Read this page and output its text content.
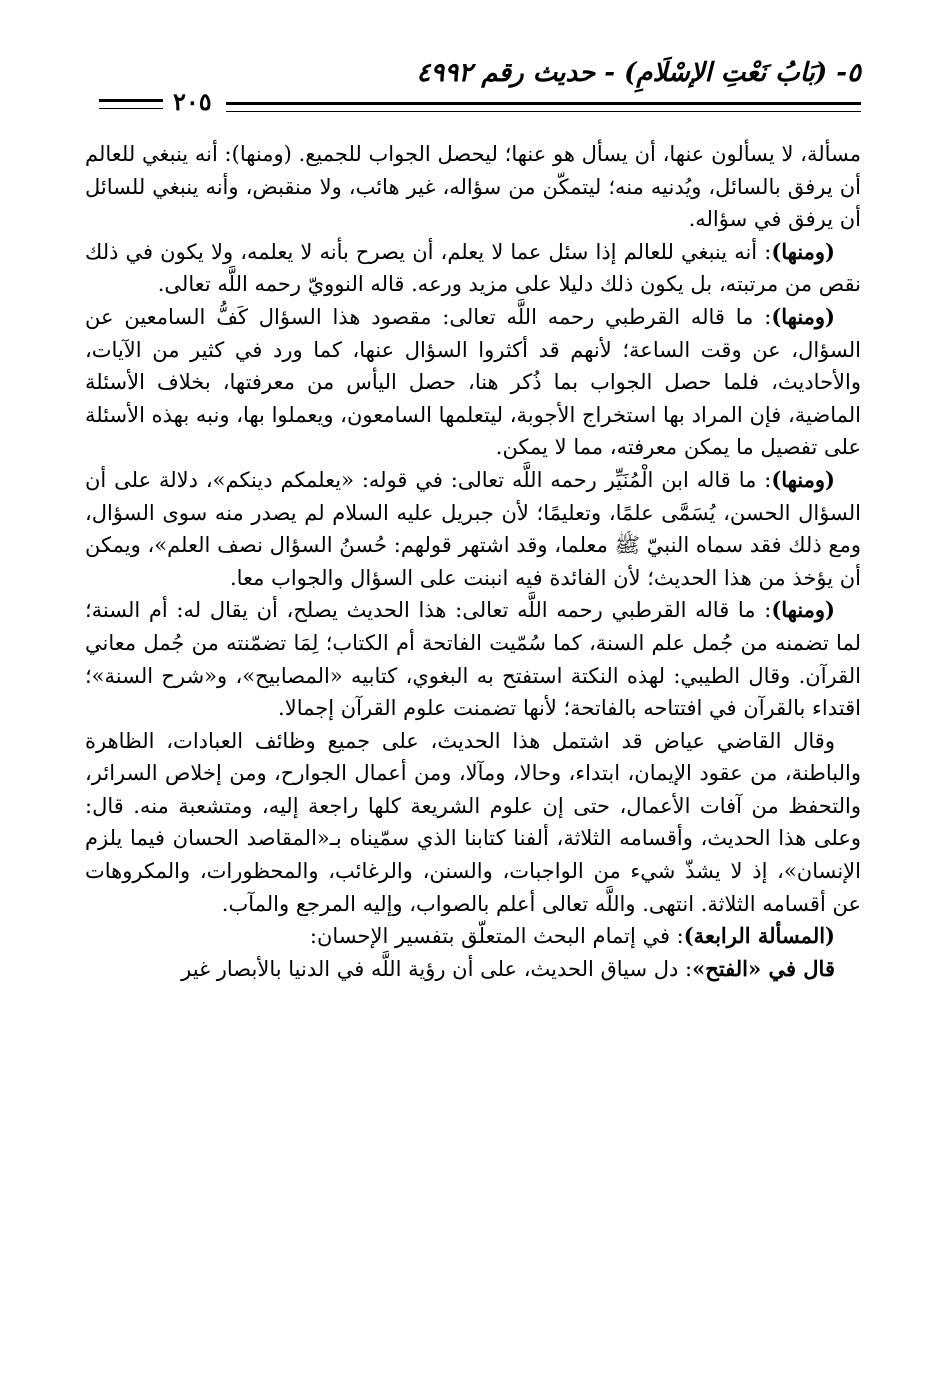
٥- (بَابُ نَعْتِ الإسْلَامِ) - حديث رقم ٤٩٩٢
٢٠٥

مسألة، لا يسألون عنها، أن يسأل هو عنها؛ ليحصل الجواب للجميع. (ومنها): أنه ينبغي للعالم أن يرفق بالسائل، ويُدنيه منه؛ ليتمكّن من سؤاله، غير هائب، ولا منقبض، وأنه ينبغي للسائل أن يرفق في سؤاله.

(ومنها): أنه ينبغي للعالم إذا سئل عما لا يعلم، أن يصرح بأنه لا يعلمه، ولا يكون في ذلك نقص من مرتبته، بل يكون ذلك دليلا على مزيد ورعه. قاله النوويّ رحمه اللَّه تعالى.

(ومنها): ما قاله القرطبي رحمه اللَّه تعالى: مقصود هذا السؤال كَفُّ السامعين عن السؤال، عن وقت الساعة؛ لأنهم قد أكثروا السؤال عنها، كما ورد في كثير من الآيات، والأحاديث، فلما حصل الجواب بما ذُكر هنا، حصل اليأس من معرفتها، بخلاف الأسئلة الماضية، فإن المراد بها استخراج الأجوبة، ليتعلمها السامعون، ويعملوا بها، ونبه بهذه الأسئلة على تفصيل ما يمكن معرفته، مما لا يمكن.

(ومنها): ما قاله ابن الْمُنَيِّر رحمه اللَّه تعالى: في قوله: «يعلمكم دينكم»، دلالة على أن السؤال الحسن، يُسَمَّى علمًا، وتعليمًا؛ لأن جبريل عليه السلام لم يصدر منه سوى السؤال، ومع ذلك فقد سماه النبيّ ﷺ معلما، وقد اشتهر قولهم: حُسنُ السؤال نصف العلم»، ويمكن أن يؤخذ من هذا الحديث؛ لأن الفائدة فيه انبنت على السؤال والجواب معا.

(ومنها): ما قاله القرطبي رحمه اللَّه تعالى: هذا الحديث يصلح، أن يقال له: أم السنة؛ لما تضمنه من جُمل علم السنة، كما سُمّيت الفاتحة أم الكتاب؛ لِمَا تضمّنته من جُمل معاني القرآن. وقال الطيبي: لهذه النكتة استفتح به البغوي، كتابيه «المصابيح»، و«شرح السنة»؛ اقتداء بالقرآن في افتتاحه بالفاتحة؛ لأنها تضمنت علوم القرآن إجمالا.

وقال القاضي عياض قد اشتمل هذا الحديث، على جميع وظائف العبادات، الظاهرة والباطنة، من عقود الإيمان، ابتداء، وحالا، ومآلا، ومن أعمال الجوارح، ومن إخلاص السرائر، والتحفظ من آفات الأعمال، حتى إن علوم الشريعة كلها راجعة إليه، ومتشعبة منه. قال: وعلى هذا الحديث، وأقسامه الثلاثة، ألفنا كتابنا الذي سمّيناه بـ«المقاصد الحسان فيما يلزم الإنسان»، إذ لا يشذّ شيء من الواجبات، والسنن، والرغائب، والمحظورات، والمكروهات عن أقسامه الثلاثة. انتهى. واللَّه تعالى أعلم بالصواب، وإليه المرجع والمآب.

(المسألة الرابعة): في إتمام البحث المتعلّق بتفسير الإحسان:

قال في «الفتح»: دل سياق الحديث، على أن رؤية اللَّه في الدنيا بالأبصار غير
